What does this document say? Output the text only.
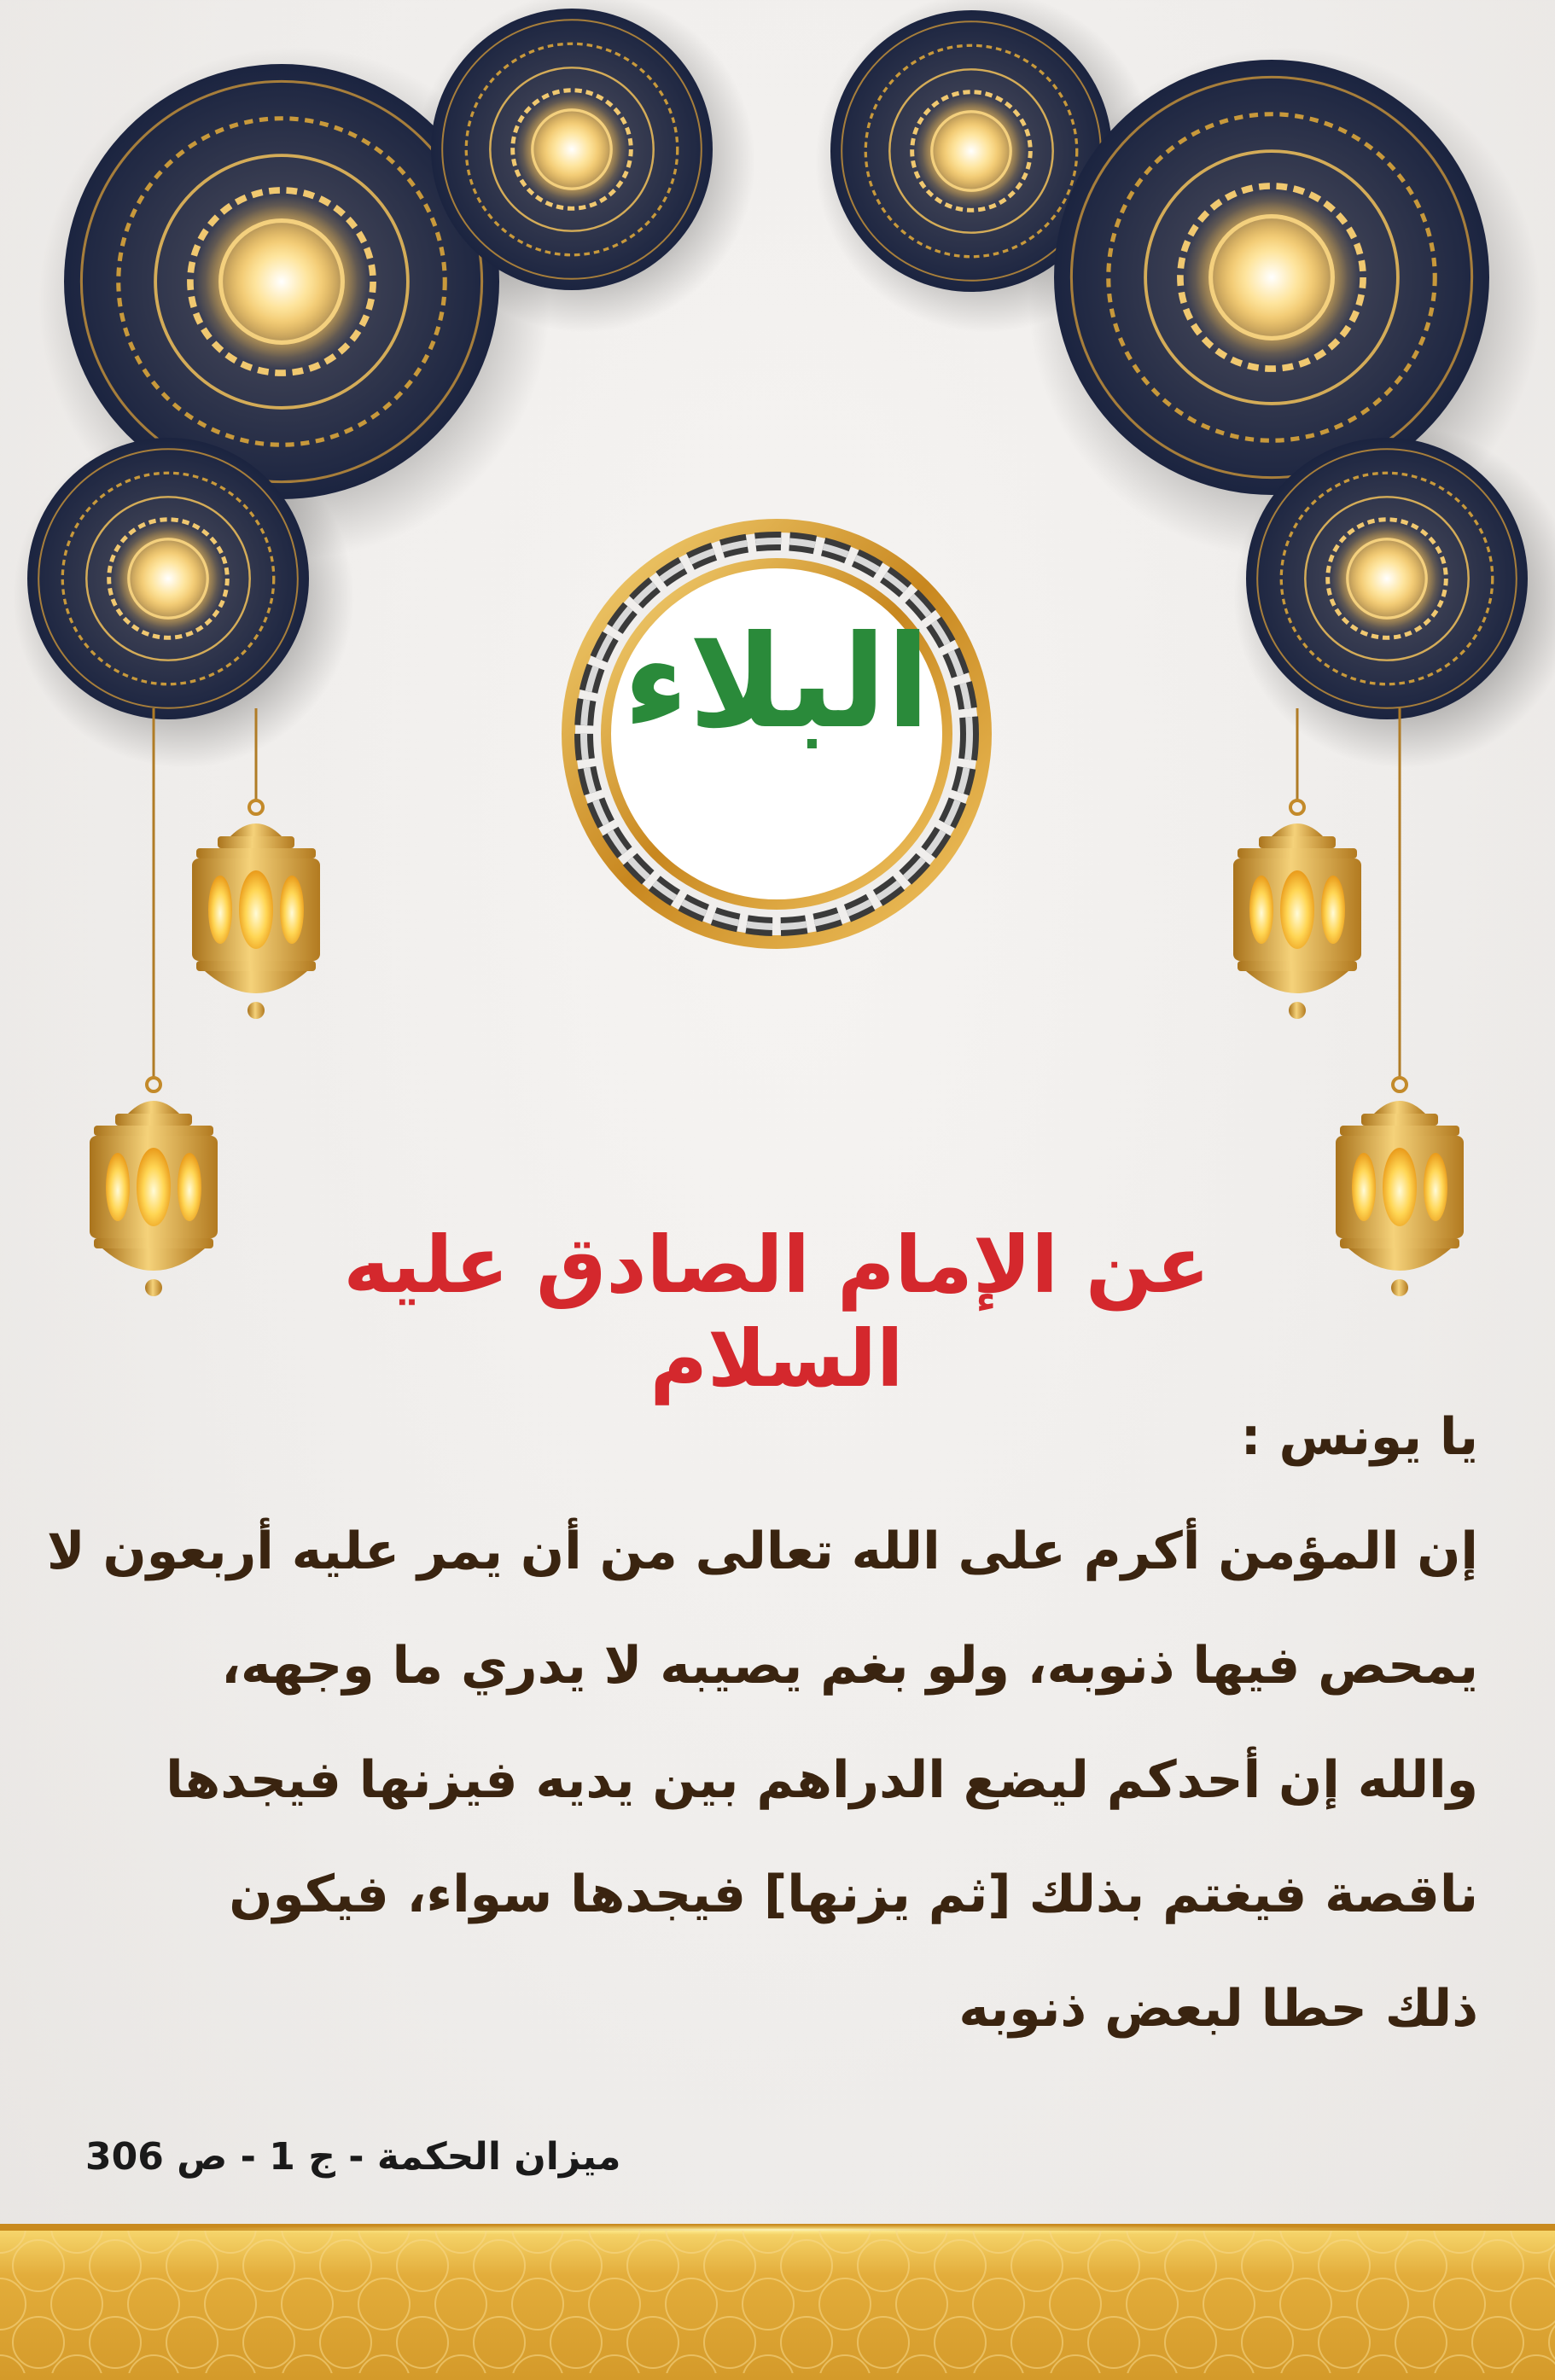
البلاء
عن الإمام الصادق عليه السلام
يا يونس :
إن المؤمن أكرم على الله تعالى من أن يمر عليه أربعون لا
يمحص فيها ذنوبه، ولو بغم يصيبه لا يدري ما وجهه،
والله إن أحدكم ليضع الدراهم بين يديه فيزنها فيجدها
ناقصة فيغتم بذلك [ثم يزنها] فيجدها سواء، فيكون
ذلك حطا لبعض ذنوبه
ميزان الحكمة - ج 1 - ص 306
